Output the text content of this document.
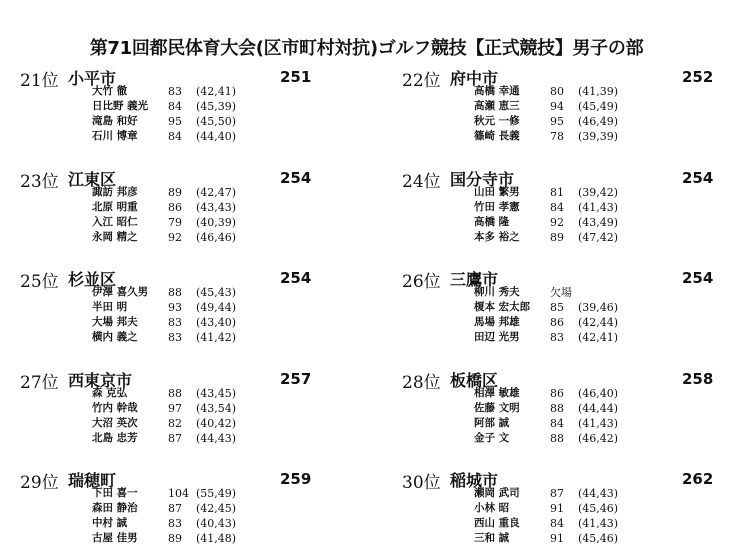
第71回都民体育大会(区市町村対抗)ゴルフ競技【正式競技】男子の部
21位 小平市	251
大竹 徹	83 (42,41)
日比野 義光 84 (45,39)
滝島 和好	95 (45,50)
石川 博章	84 (44,40)
22位 府中市	252
高橋 幸通	80 (41,39)
高瀬 恵三	94 (45,49)
秋元 一修	95 (46,49)
篠崎 長義	78 (39,39)
23位 江東区	254
諏訪 邦彦	89 (42,47)
北原 明重	86 (43,43)
入江 昭仁	79 (40,39)
永岡 精之	92 (46,46)
24位 国分寺市	254
山田 繁男	81 (39,42)
竹田 孝憲	84 (41,43)
高橋 隆	92 (43,49)
本多 裕之	89 (47,42)
25位 杉並区	254
伊澤 喜久男 88 (45,43)
半田 明	93 (49,44)
大場 邦夫	83 (43,40)
横内 義之	83 (41,42)
26位 三鷹市	254
柳川 秀夫	欠場
榎本 宏太郎 85 (39,46)
馬場 邦雄	86 (42,44)
田辺 光男	83 (42,41)
27位 西東京市	257
森 克弘	88 (43,45)
竹内 幹哉	97 (43,54)
大沼 英次	82 (40,42)
北島 忠芳	87 (44,43)
28位 板橋区	258
相澤 敏雄	86 (46,40)
佐藤 文明	88 (44,44)
阿部 誠	84 (41,43)
金子 文	88 (46,42)
29位 瑞穂町	259
下田 喜一	104 (55,49)
森田 静治	87 (42,45)
中村 誠	83 (40,43)
古屋 佳男	89 (41,48)
30位 稲城市	262
瀬岡 武司	87 (44,43)
小林 昭	91 (45,46)
西山 重良	84 (41,43)
三和 誠	91 (45,46)
